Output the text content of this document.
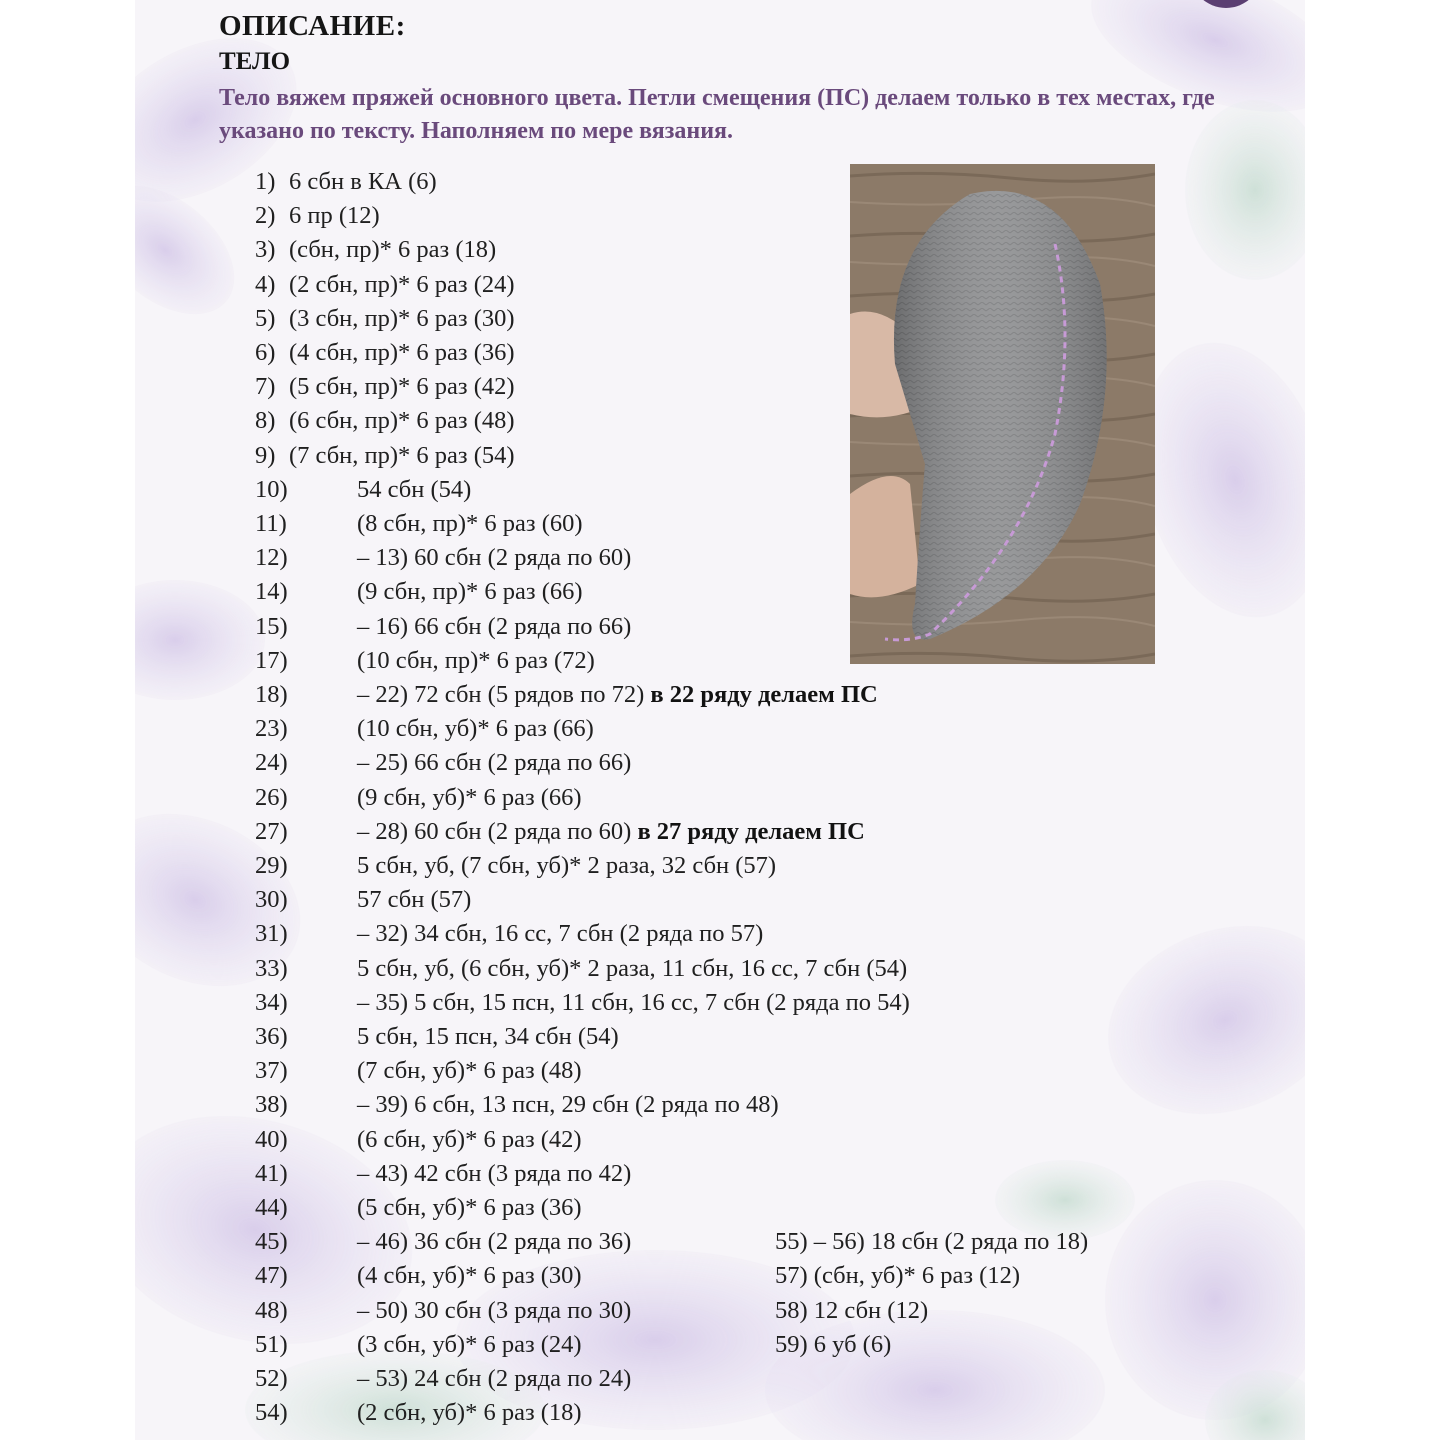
ОПИСАНИЕ:
ТЕЛО
Тело вяжем пряжей основного цвета. Петли смещения (ПС) делаем только в тех местах, где указано по тексту. Наполняем по мере вязания.
1) 6 сбн в КА (6)
2) 6 пр (12)
3) (сбн, пр)* 6 раз (18)
4) (2 сбн, пр)* 6 раз (24)
5) (3 сбн, пр)* 6 раз (30)
6) (4 сбн, пр)* 6 раз (36)
7) (5 сбн, пр)* 6 раз (42)
8) (6 сбн, пр)* 6 раз (48)
9) (7 сбн, пр)* 6 раз (54)
10)	54 сбн (54)
11)	(8 сбн, пр)* 6 раз (60)
12)	– 13) 60 сбн (2 ряда по 60)
14)	(9 сбн, пр)* 6 раз (66)
15)	– 16) 66 сбн (2 ряда по 66)
17)	(10 сбн, пр)* 6 раз (72)
18)	– 22) 72 сбн (5 рядов по 72) в 22 ряду делаем ПС
23)	(10 сбн, уб)* 6 раз (66)
24)	– 25) 66 сбн (2 ряда по 66)
26)	(9 сбн, уб)* 6 раз (66)
27)	– 28) 60 сбн (2 ряда по 60) в 27 ряду делаем ПС
29)	5 сбн, уб, (7 сбн, уб)* 2 раза, 32 сбн (57)
30)	57 сбн (57)
31)	– 32) 34 сбн, 16 сс, 7 сбн (2 ряда по 57)
33)	5 сбн, уб, (6 сбн, уб)* 2 раза, 11 сбн, 16 сс, 7 сбн (54)
34)	– 35) 5 сбн, 15 псн, 11 сбн, 16 сс, 7 сбн (2 ряда по 54)
36)	5 сбн, 15 псн, 34 сбн (54)
37)	(7 сбн, уб)* 6 раз (48)
38)	– 39) 6 сбн, 13 псн, 29 сбн (2 ряда по 48)
40)	(6 сбн, уб)* 6 раз (42)
41)	– 43) 42 сбн (3 ряда по 42)
44)	(5 сбн, уб)* 6 раз (36)
45)	– 46) 36 сбн (2 ряда по 36)
47)	(4 сбн, уб)* 6 раз (30)
48)	– 50) 30 сбн (3 ряда по 30)
51)	(3 сбн, уб)* 6 раз (24)
52)	– 53) 24 сбн (2 ряда по 24)
54)	(2 сбн, уб)* 6 раз (18)
55) – 56) 18 сбн (2 ряда по 18)
57) (сбн, уб)* 6 раз (12)
58) 12 сбн (12)
59) 6 уб (6)
